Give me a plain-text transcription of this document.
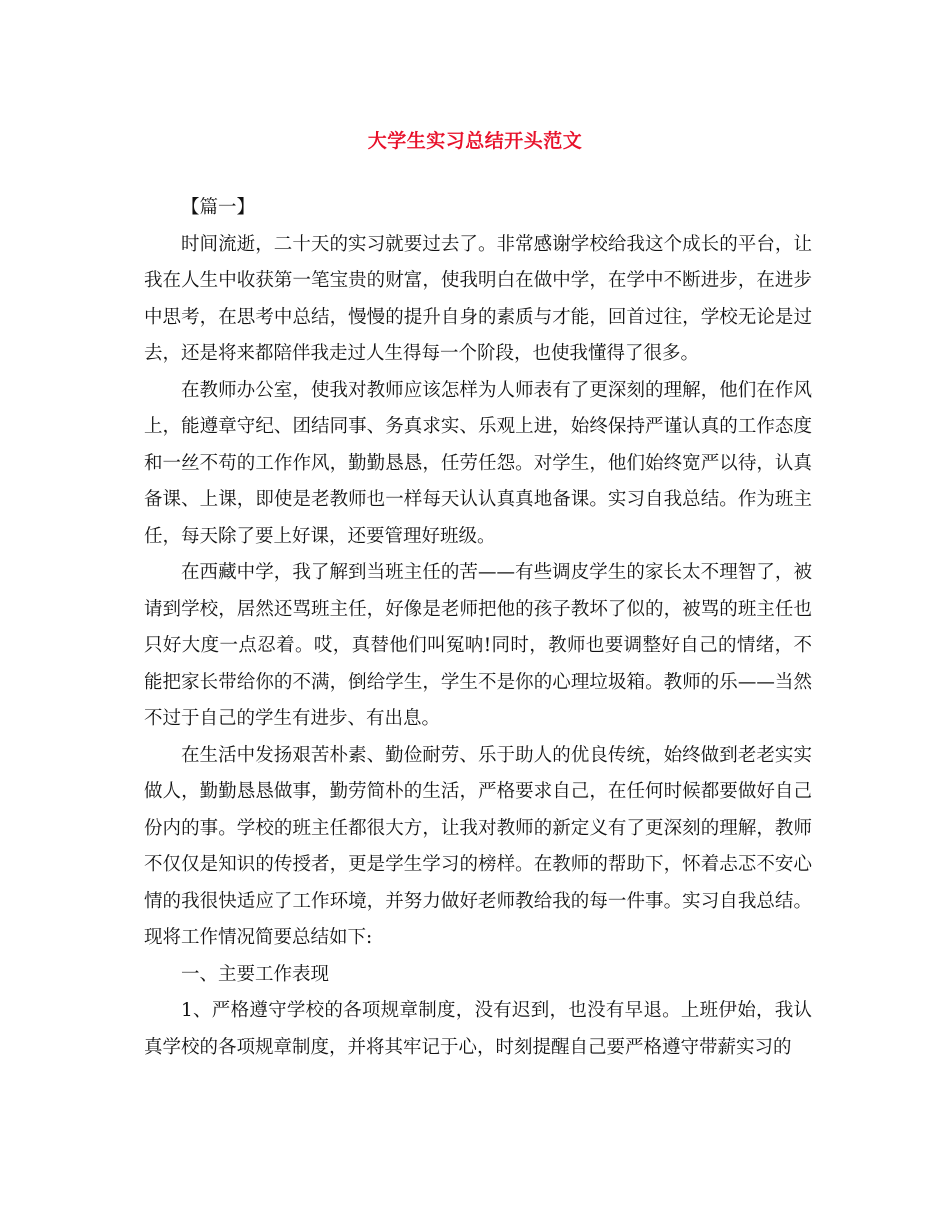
大学生实习总结开头范文

【篇一】

时间流逝，二十天的实习就要过去了。非常感谢学校给我这个成长的平台，让我在人生中收获第一笔宝贵的财富，使我明白在做中学，在学中不断进步，在进步中思考，在思考中总结，慢慢的提升自身的素质与才能，回首过往，学校无论是过去，还是将来都陪伴我走过人生得每一个阶段，也使我懂得了很多。

在教师办公室，使我对教师应该怎样为人师表有了更深刻的理解，他们在作风上，能遵章守纪、团结同事、务真求实、乐观上进，始终保持严谨认真的工作态度和一丝不苟的工作作风，勤勤恳恳，任劳任怨。对学生，他们始终宽严以待，认真备课、上课，即使是老教师也一样每天认认真真地备课。实习自我总结。作为班主任，每天除了要上好课，还要管理好班级。

在西藏中学，我了解到当班主任的苦——有些调皮学生的家长太不理智了，被请到学校，居然还骂班主任，好像是老师把他的孩子教坏了似的，被骂的班主任也只好大度一点忍着。哎，真替他们叫冤呐!同时，教师也要调整好自己的情绪，不能把家长带给你的不满，倒给学生，学生不是你的心理垃圾箱。教师的乐——当然不过于自己的学生有进步、有出息。

在生活中发扬艰苦朴素、勤俭耐劳、乐于助人的优良传统，始终做到老老实实做人，勤勤恳恳做事，勤劳简朴的生活，严格要求自己，在任何时候都要做好自己份内的事。学校的班主任都很大方，让我对教师的新定义有了更深刻的理解，教师不仅仅是知识的传授者，更是学生学习的榜样。在教师的帮助下，怀着忐忑不安心情的我很快适应了工作环境，并努力做好老师教给我的每一件事。实习自我总结。现将工作情况简要总结如下:

一、主要工作表现

1、严格遵守学校的各项规章制度，没有迟到，也没有早退。上班伊始，我认真学校的各项规章制度，并将其牢记于心，时刻提醒自己要严格遵守带薪实习的
